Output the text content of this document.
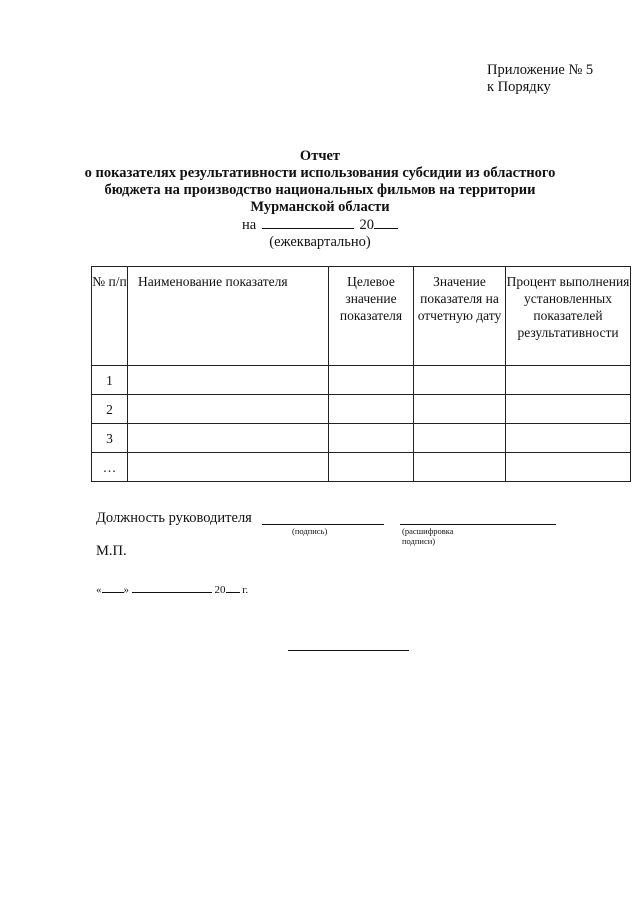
Приложение № 5
к Порядку
Отчет
о показателях результативности использования субсидии из областного
бюджета на производство национальных фильмов на территории
Мурманской области
на	20
(ежеквартально)
№ п/п	Наименование показателя	Целевое значение показателя	Значение показателя на отчетную дату	Процент выполнения установленных показателей результативности
1				
2				
3				
…				
Должность руководителя
(подпись)	(расшифровка подписи)
М.П.
« »	20 г.
